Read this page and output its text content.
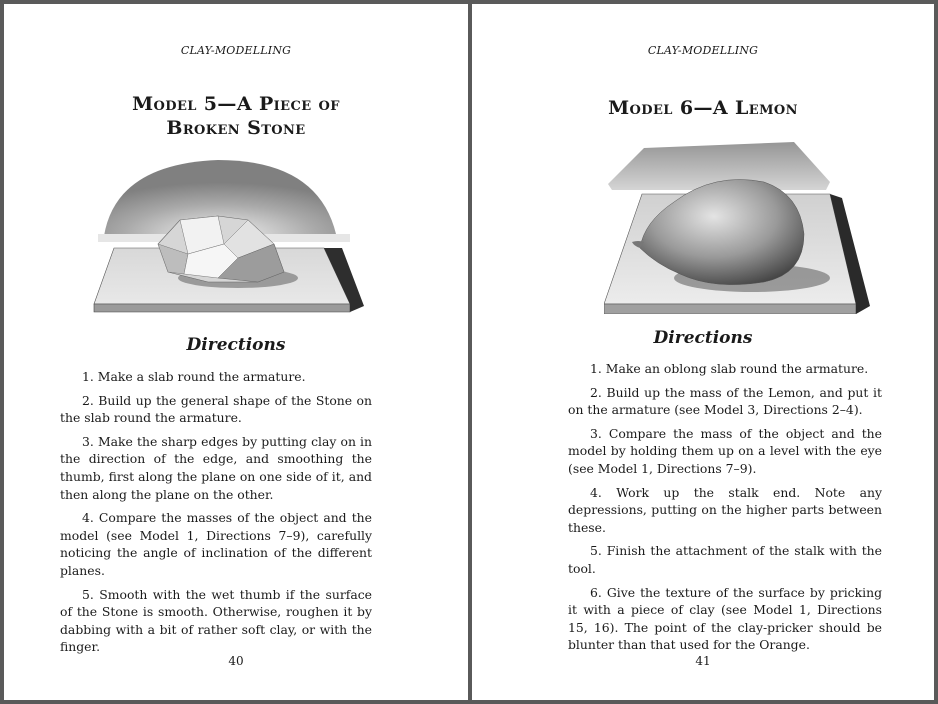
CLAY-MODELLING
Model 5—A Piece of
Broken Stone
Directions

1. Make a slab round the armature.

2. Build up the general shape of the Stone on the slab round the armature.

3. Make the sharp edges by putting clay on in the direction of the edge, and smoothing the thumb, first along the plane on one side of it, and then along the plane on the other.

4. Compare the masses of the object and the model (see Model 1, Directions 7–9), carefully noticing the angle of inclination of the different planes.

5. Smooth with the wet thumb if the surface of the Stone is smooth. Otherwise, roughen it by dabbing with a bit of rather soft clay, or with the finger.

40
CLAY-MODELLING
Model 6—A Lemon
Directions

1. Make an oblong slab round the armature.

2. Build up the mass of the Lemon, and put it on the armature (see Model 3, Directions 2–4).

3. Compare the mass of the object and the model by holding them up on a level with the eye (see Model 1, Directions 7–9).

4. Work up the stalk end. Note any depressions, putting on the higher parts between these.

5. Finish the attachment of the stalk with the tool.

6. Give the texture of the surface by pricking it with a piece of clay (see Model 1, Directions 15, 16). The point of the clay-pricker should be blunter than that used for the Orange.

41
